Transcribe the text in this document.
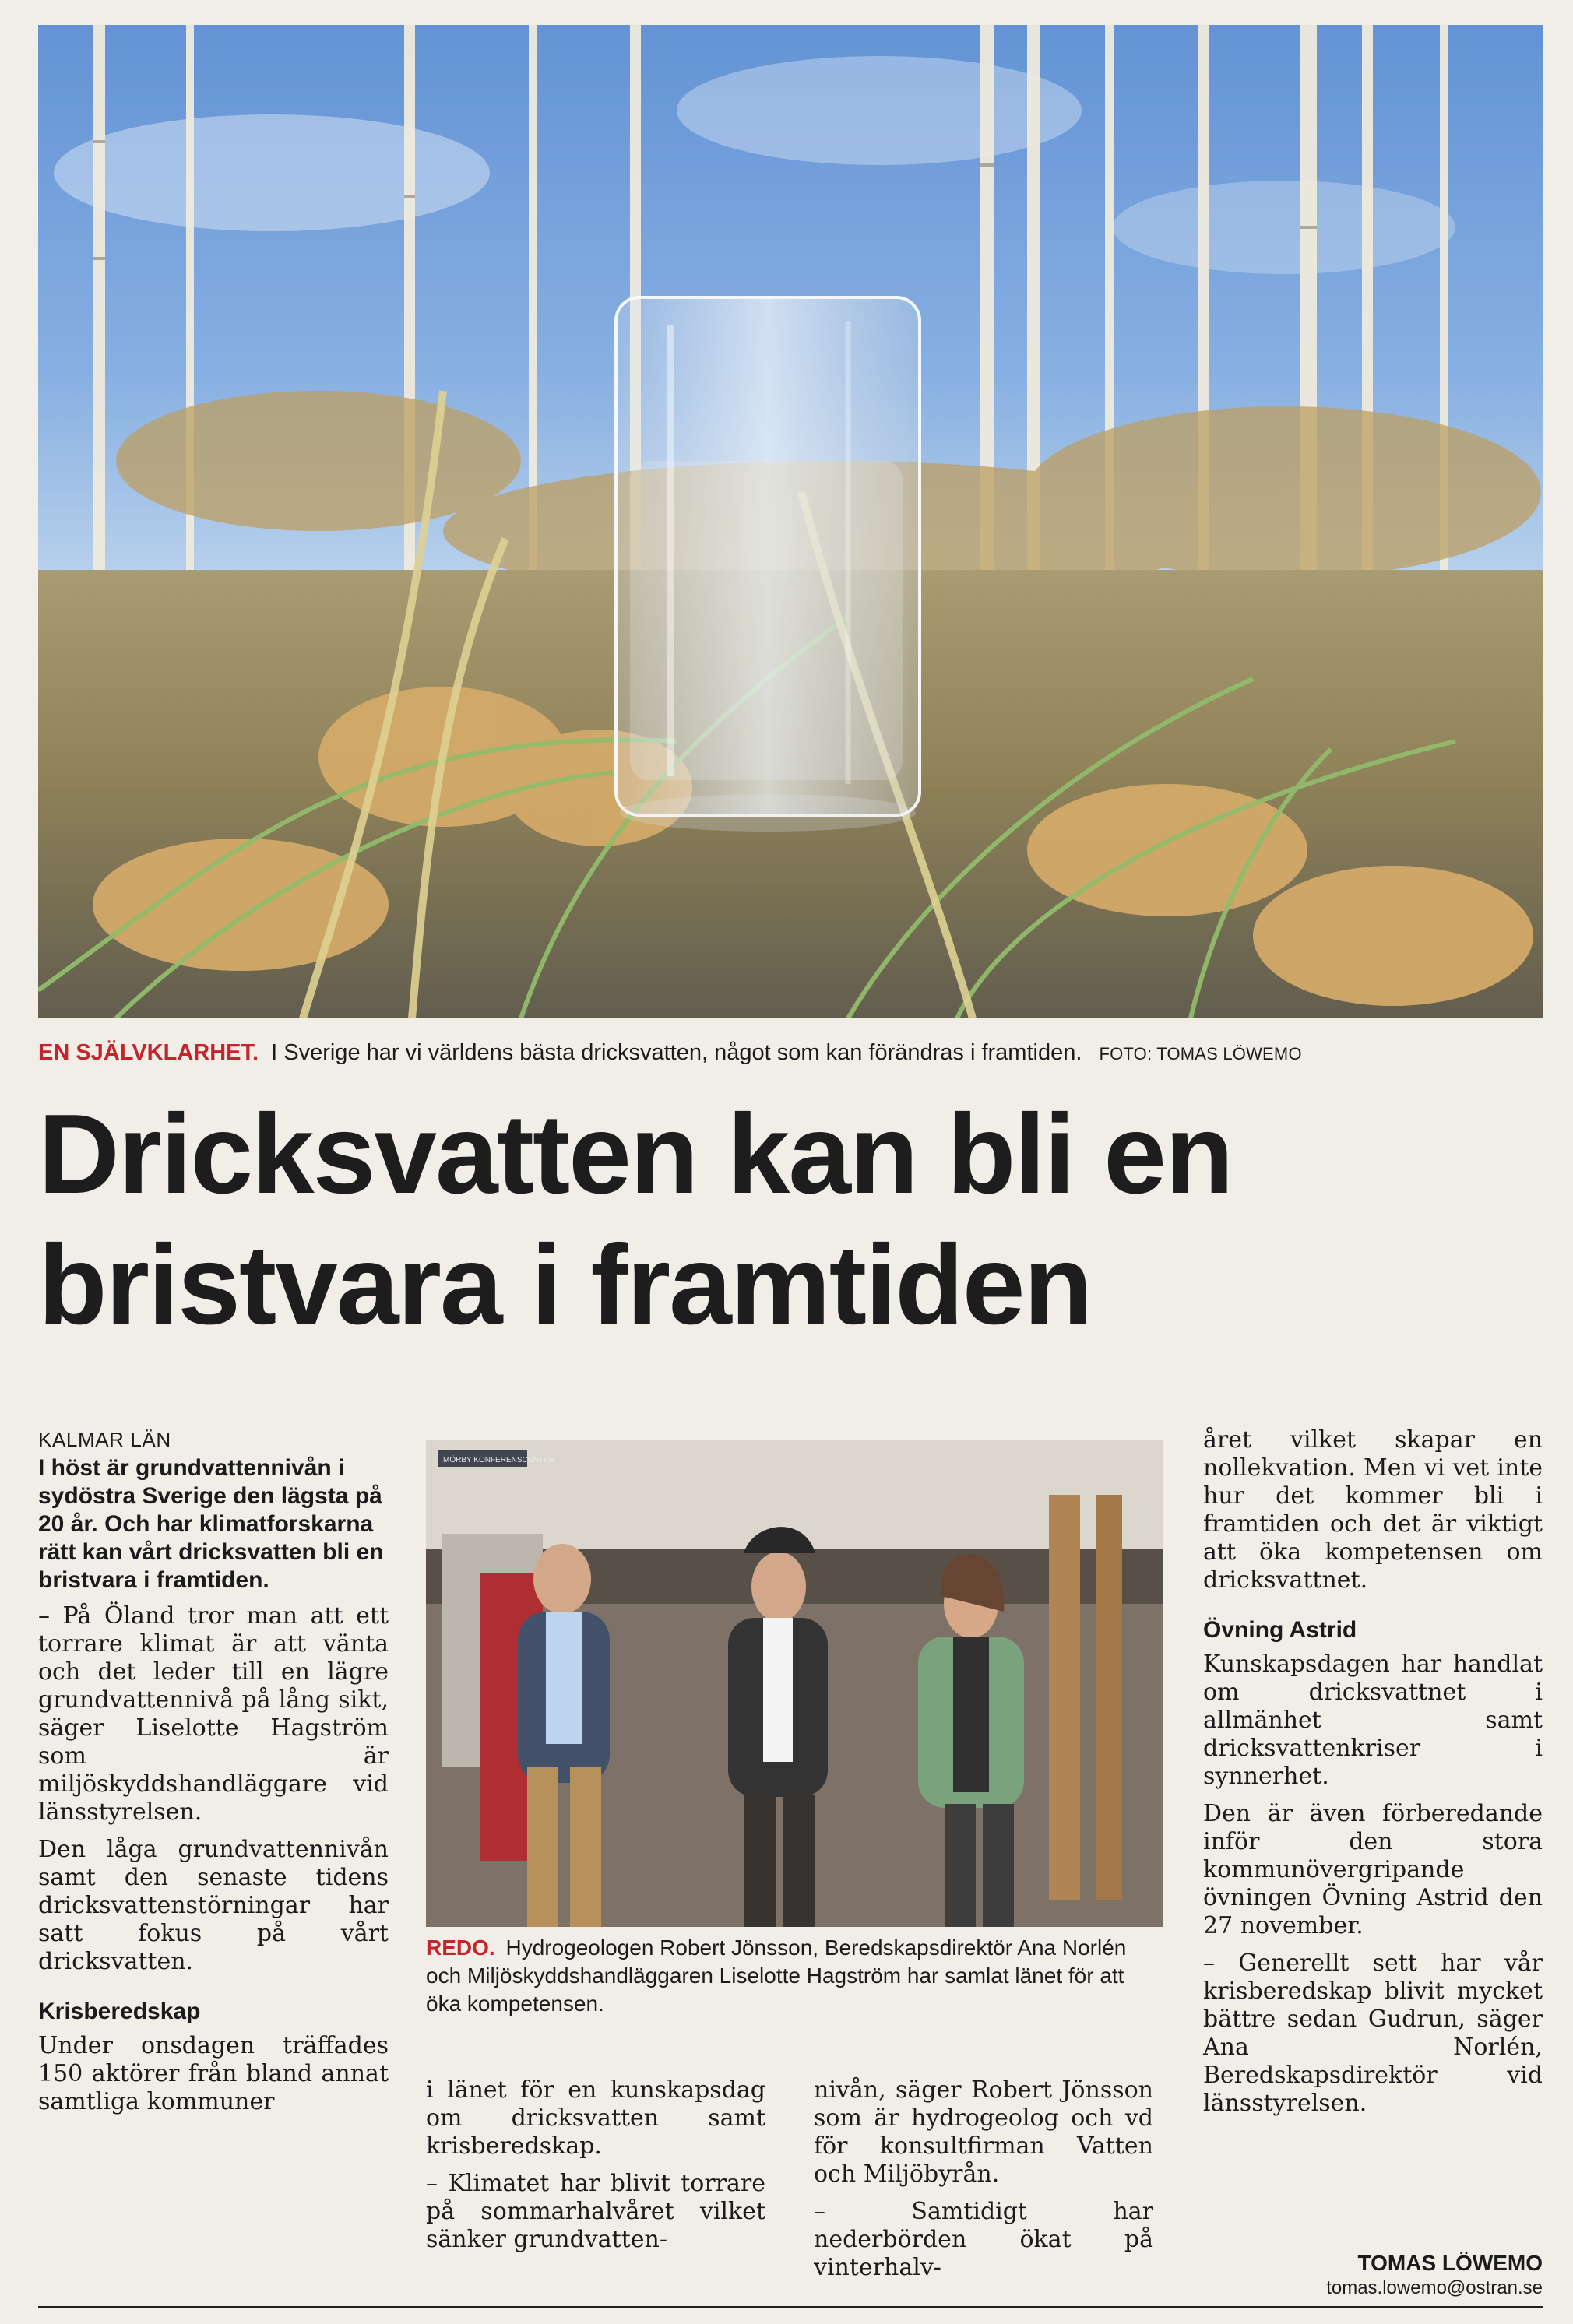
EN SJÄLVKLARHET. I Sverige har vi världens bästa dricksvatten, något som kan förändras i framtiden. FOTO: TOMAS LÖWEMO
Dricksvatten kan bli en
bristvara i framtiden

KALMAR LÄN

I höst är grundvattennivån i sydöstra Sverige den lägsta på 20 år. Och har klimatforskarna rätt kan vårt dricksvatten bli en bristvara i framtiden.

– På Öland tror man att ett torrare klimat är att vänta och det leder till en lägre grundvattennivå på lång sikt, säger Liselotte Hagström som är miljöskyddshandläggare vid länsstyrelsen.

Den låga grundvattennivån samt den senaste tidens dricksvattenstörningar har satt fokus på vårt dricksvatten.

Krisberedskap

Under onsdagen träffades 150 aktörer från bland annat samtliga kommuner

MÖRBY KONFERENSCENTER
REDO. Hydrogeologen Robert Jönsson, Beredskapsdirektör Ana Norlén och Miljöskyddshandläggaren Liselotte Hagström har samlat länet för att öka kompetensen.

i länet för en kunskapsdag om dricksvatten samt krisberedskap.

– Klimatet har blivit torrare på sommarhalvåret vilket sänker grundvatten-

nivån, säger Robert Jönsson som är hydrogeolog och vd för konsultfirman Vatten och Miljöbyrån.

– Samtidigt har nederbörden ökat på vinterhalv-

året vilket skapar en nollekvation. Men vi vet inte hur det kommer bli i framtiden och det är viktigt att öka kompetensen om dricksvattnet.

Övning Astrid

Kunskapsdagen har handlat om dricksvattnet i allmänhet samt dricksvattenkriser i synnerhet.

Den är även förberedande inför den stora kommunövergripande övningen Övning Astrid den 27 november.

– Generellt sett har vår krisberedskap blivit mycket bättre sedan Gudrun, säger Ana Norlén, Beredskapsdirektör vid länsstyrelsen.

TOMAS LÖWEMO
tomas.lowemo@ostran.se
